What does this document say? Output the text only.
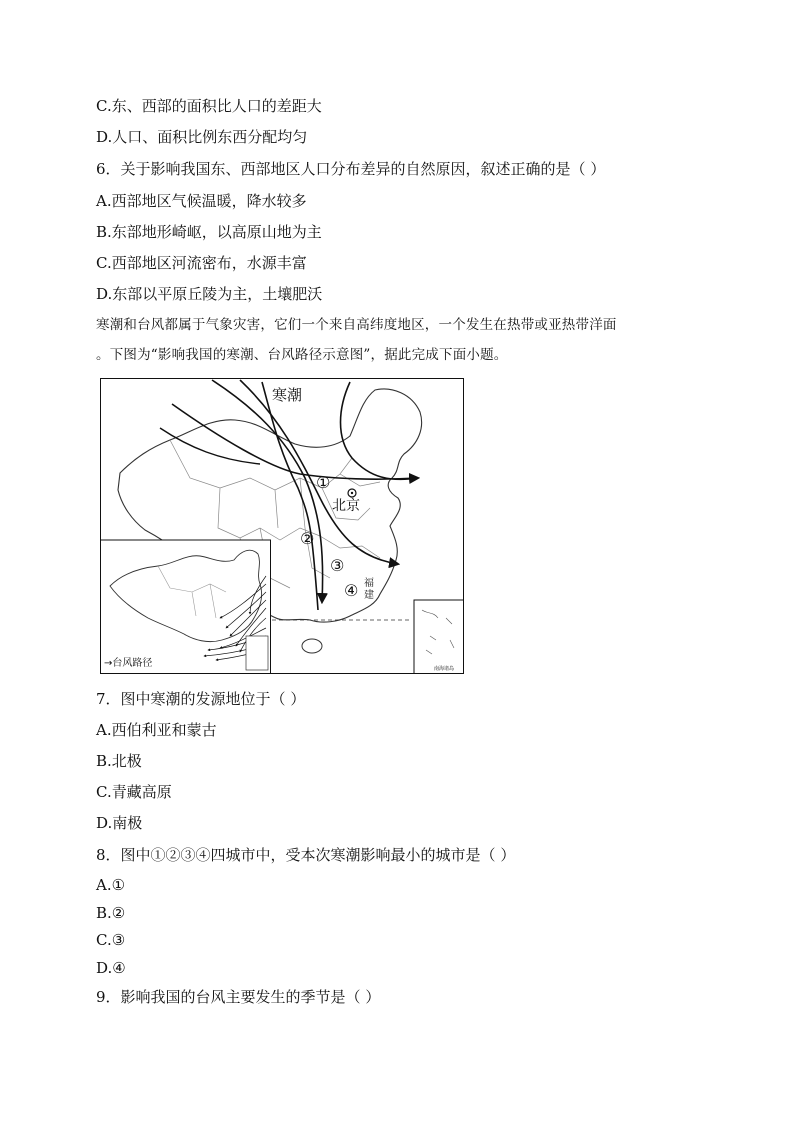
C.东、西部的面积比人口的差距大
D.人口、面积比例东西分配均匀
6．关于影响我国东、西部地区人口分布差异的自然原因，叙述正确的是（ ）
A.西部地区气候温暖，降水较多
B.东部地形崎岖，以高原山地为主
C.西部地区河流密布，水源丰富
D.东部以平原丘陵为主，土壤肥沃
寒潮和台风都属于气象灾害，它们一个来自高纬度地区，一个发生在热带或亚热带洋面
。下图为“影响我国的寒潮、台风路径示意图”，据此完成下面小题。
寒潮
北京
①
②
③
④ 福
建
→台风路径	南海诸岛
7．图中寒潮的发源地位于（ ）
A.西伯利亚和蒙古
B.北极
C.青藏高原
D.南极
8．图中①②③④四城市中，受本次寒潮影响最小的城市是（ ）
A.①
B.②
C.③
D.④
9．影响我国的台风主要发生的季节是（ ）
